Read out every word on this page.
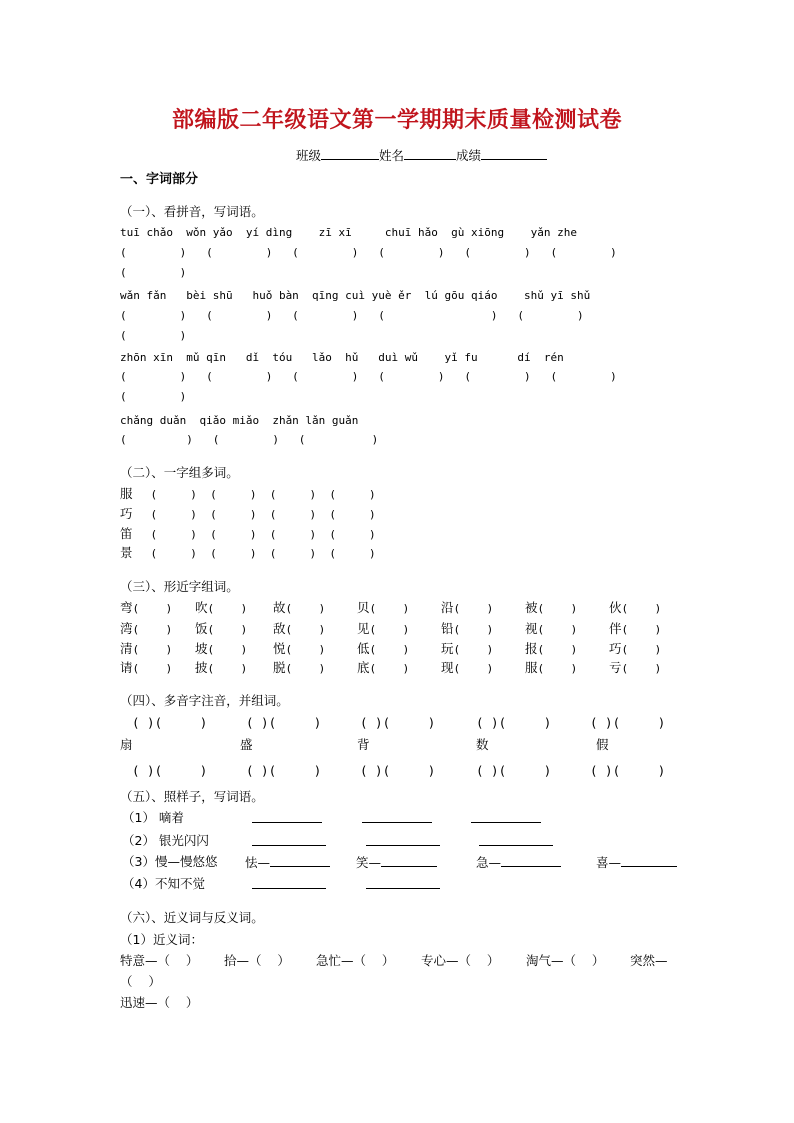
部编版二年级语文第一学期期末质量检测试卷
班级	姓名	成绩
一、字词部分
（一）、看拼音，写词语。
tuī chǎo  wǒn yǎo  yí dìng    zī xī     chuī hǎo  gù xiōng    yǎn zhe
(        )   (        )   (        )   (        )   (        )   (        )
(        )
wǎn fǎn   bèi shū   huǒ bàn  qīng cuì yuè ěr  lú gōu qiáo    shǔ yī shǔ
(        )   (        )   (        )   (                )   (        )
(        )
zhōn xīn  mǔ qīn   dǐ  tóu   lǎo  hǔ   duì wǔ    yǐ fu      dí  rén
(        )   (        )   (        )   (        )   (        )   (        )
(        )
chǎng duǎn  qiǎo miǎo  zhǎn lǎn guǎn
(         )   (        )   (          )
（二）、一字组多词。
服 (     )  (     )  (     )  (     )
巧 (     )  (     )  (     )  (     )
笛 (     )  (     )  (     )  (     )
景 (     )  (     )  (     )  (     )
（三）、形近字组词。
弯(    ) 吹(    ) 故(    )	贝(    )	沿(    )	被(    )	伙(    )
湾(    ) 饭(    ) 敌(    )	见(    )	铅(    )	视(    )	伴(    )
清(    ) 坡(    ) 悦(    )	低(    )	玩(    )	报(    )	巧(    )
请(    ) 披(    ) 脱(    )	底(    )	现(    )	服(    )	亏(    )
（四）、多音字注音，并组词。
( )(     )	( )(     )	( )(     )	( )(     )	( )(     )
( )(     )	( )(     )	( )(     )	( )(     )	( )(     )
扇	盛	背	数	假
（五）、照样子，写词语。
（1） 嘀着

（2） 银光闪闪

（3）慢—慢悠悠 怯—	笑—	急—	喜—
（4）不知不觉

（六）、近义词与反义词。
（1）近义词：
特意—（    ） 拾—（    ） 急忙—（    ） 专心—（    ） 淘气—（    ） 突然—
（    ）
迅速—（    ）
